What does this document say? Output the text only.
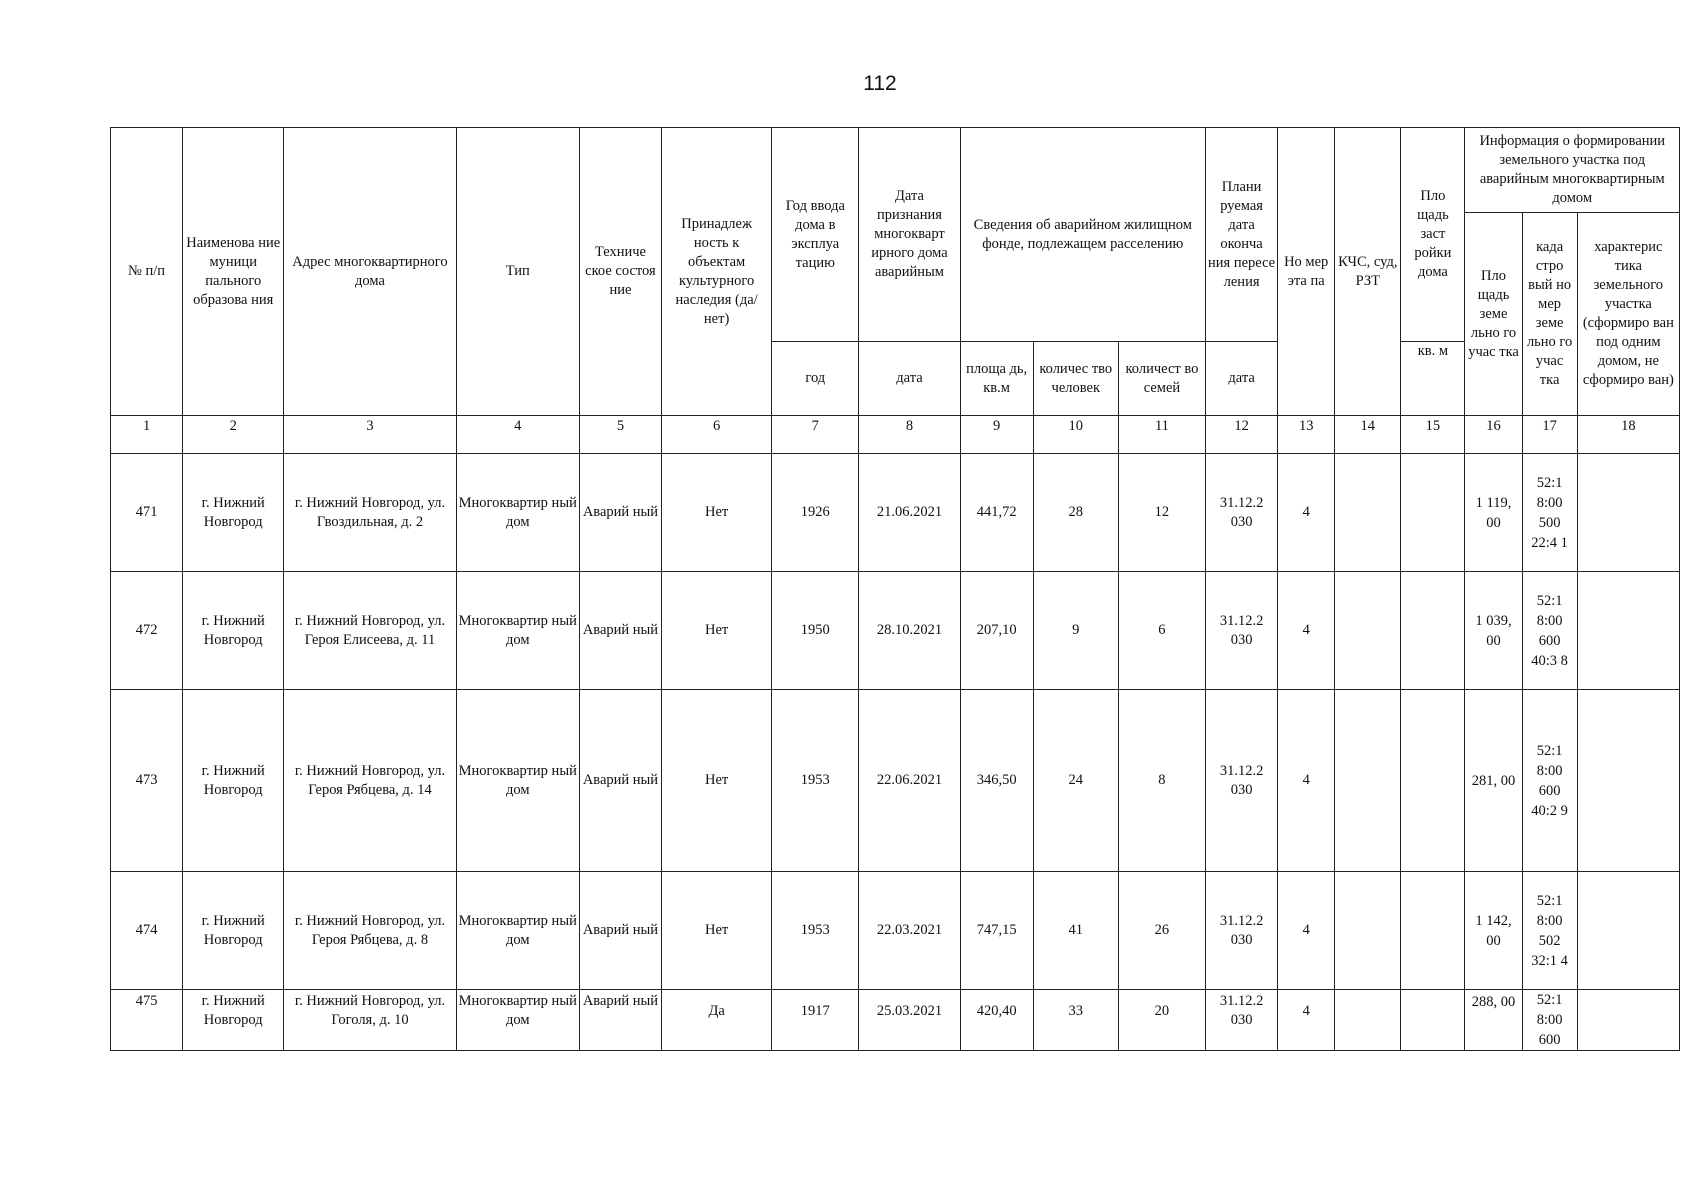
112
№ п/п	Наименова ние муници пального образова ния	Адрес многоквартирного дома	Тип	Техниче ское состоя ние	Принадлеж ность к объектам культурного наследия (да/нет)	Год ввода дома в эксплуа тацию	Дата признания многокварт ирного дома аварийным	Сведения об аварийном жилищном фонде, подлежащем расселению			Плани руемая дата оконча ния пересе ления	Но мер эта па	КЧС, суд, РЗТ	Пло щадь заст ройки дома	Информация о формировании земельного участка под аварийным многоквартирным домом		
															Пло щадь земе льно го учас тка	када стро вый но мер земе льно го учас тка	характерис тика земельного участка (сформиро ван под одним домом, не сформиро ван)
						год	дата	площа дь, кв.м	количес тво человек	количест во семей	дата			кв. м			
1	2	3	4	5	6	7	8	9	10	11	12	13	14	15	16	17	18
471	г. Нижний Новгород	г. Нижний Новгород, ул. Гвоздильная, д. 2	Многоквартир ный дом	Аварий ный	Нет	1926	21.06.2021	441,72	28	12	31.12.2 030	4			1 119, 00	52:1 8:00 500 22:4 1	
472	г. Нижний Новгород	г. Нижний Новгород, ул. Героя Елисеева, д. 11	Многоквартир ный дом	Аварий ный	Нет	1950	28.10.2021	207,10	9	6	31.12.2 030	4			1 039, 00	52:1 8:00 600 40:3 8	
473	г. Нижний Новгород	г. Нижний Новгород, ул. Героя Рябцева, д. 14	Многоквартир ный дом	Аварий ный	Нет	1953	22.06.2021	346,50	24	8	31.12.2 030	4			281, 00	52:1 8:00 600 40:2 9	
474	г. Нижний Новгород	г. Нижний Новгород, ул. Героя Рябцева, д. 8	Многоквартир ный дом	Аварий ный	Нет	1953	22.03.2021	747,15	41	26	31.12.2 030	4			1 142, 00	52:1 8:00 502 32:1 4	
475	г. Нижний Новгород	г. Нижний Новгород, ул. Гоголя, д. 10	Многоквартир ный дом	Аварий ный	Да	1917	25.03.2021	420,40	33	20	31.12.2 030	4			288, 00	52:1 8:00 600	
